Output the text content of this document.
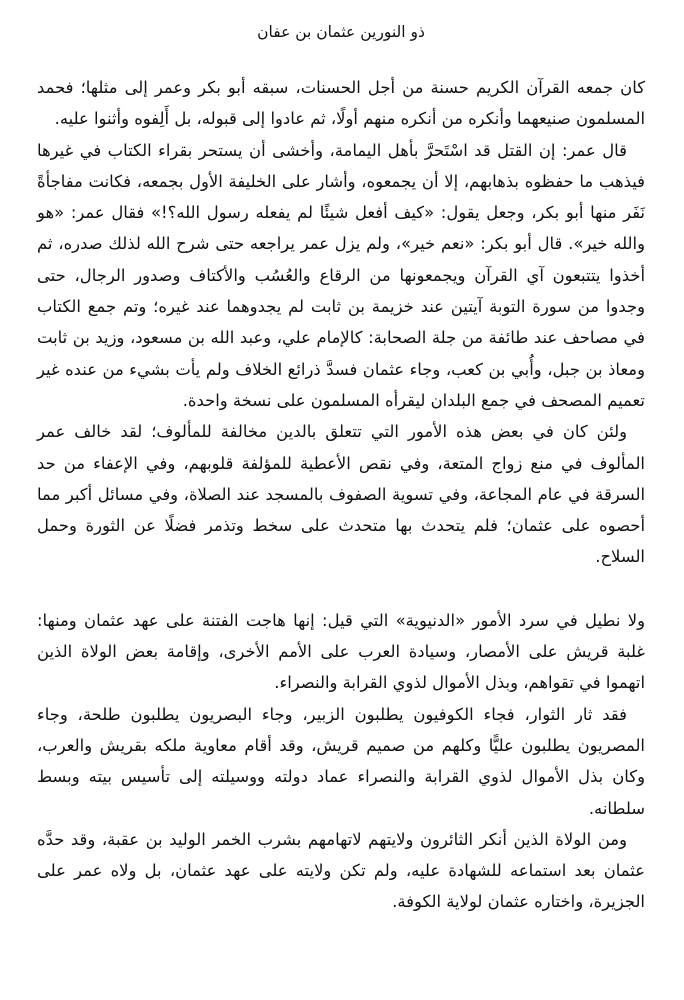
ذو النورين عثمان بن عفان

كان جمعه القرآن الكريم حسنة من أجل الحسنات، سبقه أبو بكر وعمر إلى مثلها؛ فحمد المسلمون صنيعهما وأنكره من أنكره منهم أولًا، ثم عادوا إلى قبوله، بل أَلِفوه وأثنوا عليه.

قال عمر: إن القتل قد اسْتَحرَّ بأهل اليمامة، وأخشى أن يستحر بقراء الكتاب في غيرها فيذهب ما حفظوه بذهابهم، إلا أن يجمعوه، وأشار على الخليفة الأول بجمعه، فكانت مفاجأةً نَفَر منها أبو بكر، وجعل يقول: «كيف أفعل شيئًا لم يفعله رسول الله؟!» فقال عمر: «هو والله خير». قال أبو بكر: «نعم خير»، ولم يزل عمر يراجعه حتى شرح الله لذلك صدره، ثم أخذوا يتتبعون آي القرآن ويجمعونها من الرقاع والعُسُب والأكتاف وصدور الرجال، حتى وجدوا من سورة التوبة آيتين عند خزيمة بن ثابت لم يجدوهما عند غيره؛ وتم جمع الكتاب في مصاحف عند طائفة من جلة الصحابة: كالإمام علي، وعبد الله بن مسعود، وزيد بن ثابت ومعاذ بن جبل، وأُبي بن كعب، وجاء عثمان فسدَّ ذرائع الخلاف ولم يأت بشيء من عنده غير تعميم المصحف في جمع البلدان ليقرأه المسلمون على نسخة واحدة.

ولئن كان في بعض هذه الأمور التي تتعلق بالدين مخالفة للمألوف؛ لقد خالف عمر المألوف في منع زواج المتعة، وفي نقص الأعطية للمؤلفة قلوبهم، وفي الإعفاء من حد السرقة في عام المجاعة، وفي تسوية الصفوف بالمسجد عند الصلاة، وفي مسائل أكبر مما أحصوه على عثمان؛ فلم يتحدث بها متحدث على سخط وتذمر فضلًا عن الثورة وحمل السلاح.

ولا نطيل في سرد الأمور «الدنيوية» التي قيل: إنها هاجت الفتنة على عهد عثمان ومنها: غلبة قريش على الأمصار، وسيادة العرب على الأمم الأخرى، وإقامة بعض الولاة الذين اتهموا في تقواهم، وبذل الأموال لذوي القرابة والنصراء.

فقد ثار الثوار، فجاء الكوفيون يطلبون الزبير، وجاء البصريون يطلبون طلحة، وجاء المصريون يطلبون عليًّا وكلهم من صميم قريش، وقد أقام معاوية ملكه بقريش والعرب، وكان بذل الأموال لذوي القرابة والنصراء عماد دولته ووسيلته إلى تأسيس بيته وبسط سلطانه.

ومن الولاة الذين أنكر الثائرون ولايتهم لاتهامهم بشرب الخمر الوليد بن عقبة، وقد حدَّه عثمان بعد استماعه للشهادة عليه، ولم تكن ولايته على عهد عثمان، بل ولاه عمر على الجزيرة، واختاره عثمان لولاية الكوفة.
